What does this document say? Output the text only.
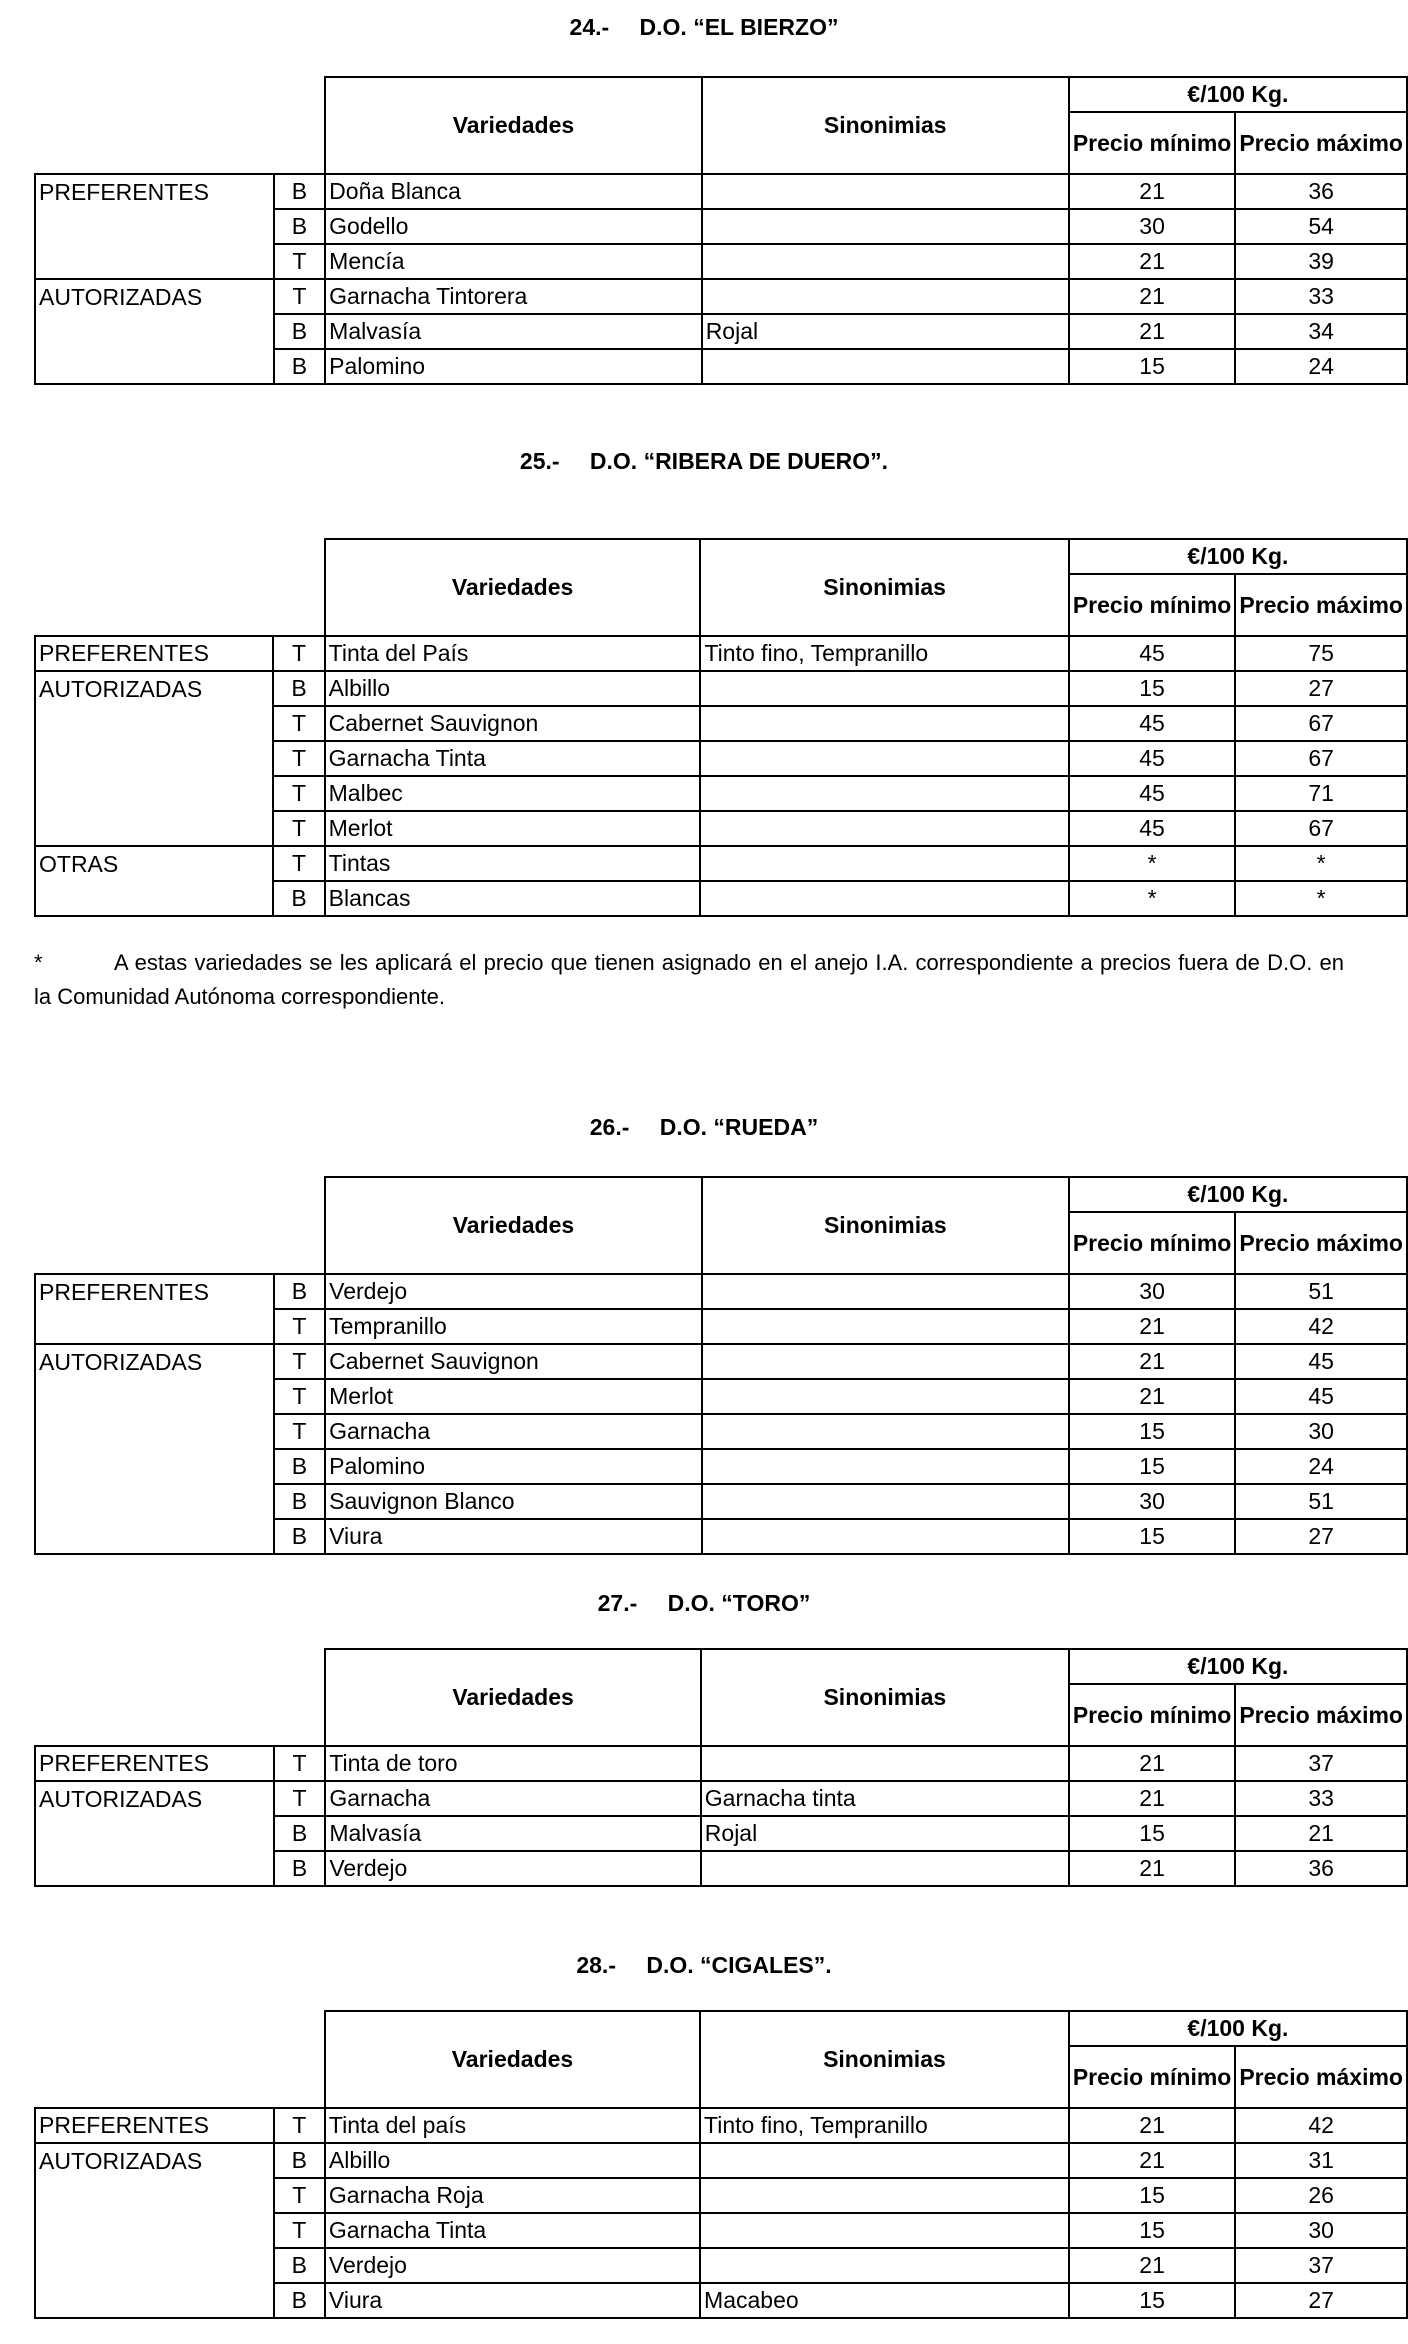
24.- D.O. “EL BIERZO”
25.- D.O. “RIBERA DE DUERO”.
26.- D.O. “RUEDA”
27.- D.O. “TORO”
28.- D.O. “CIGALES”.
		Variedades	Sinonimias	€/100 Kg.	
				Precio mínimo	Precio máximo
PREFERENTES	B	Doña Blanca		21	36
	B	Godello		30	54
	T	Mencía		21	39
AUTORIZADAS	T	Garnacha Tintorera		21	33
	B	Malvasía	Rojal	21	34
	B	Palomino		15	24
		Variedades	Sinonimias	€/100 Kg.	
				Precio mínimo	Precio máximo
PREFERENTES	T	Tinta del País	Tinto fino, Tempranillo	45	75
AUTORIZADAS	B	Albillo		15	27
	T	Cabernet Sauvignon		45	67
	T	Garnacha Tinta		45	67
	T	Malbec		45	71
	T	Merlot		45	67
OTRAS	T	Tintas		*	*
	B	Blancas		*	*
		Variedades	Sinonimias	€/100 Kg.	
				Precio mínimo	Precio máximo
PREFERENTES	B	Verdejo		30	51
	T	Tempranillo		21	42
AUTORIZADAS	T	Cabernet Sauvignon		21	45
	T	Merlot		21	45
	T	Garnacha		15	30
	B	Palomino		15	24
	B	Sauvignon Blanco		30	51
	B	Viura		15	27
		Variedades	Sinonimias	€/100 Kg.	
				Precio mínimo	Precio máximo
PREFERENTES	T	Tinta de toro		21	37
AUTORIZADAS	T	Garnacha	Garnacha tinta	21	33
	B	Malvasía	Rojal	15	21
	B	Verdejo		21	36
		Variedades	Sinonimias	€/100 Kg.	
				Precio mínimo	Precio máximo
PREFERENTES	T	Tinta del país	Tinto fino, Tempranillo	21	42
AUTORIZADAS	B	Albillo		21	31
	T	Garnacha Roja		15	26
	T	Garnacha Tinta		15	30
	B	Verdejo		21	37
	B	Viura	Macabeo	15	27
*	A estas variedades se les aplicará el precio que tienen asignado en el anejo I.A. correspondiente a precios fuera de D.O. en la Comunidad Autónoma correspondiente.
